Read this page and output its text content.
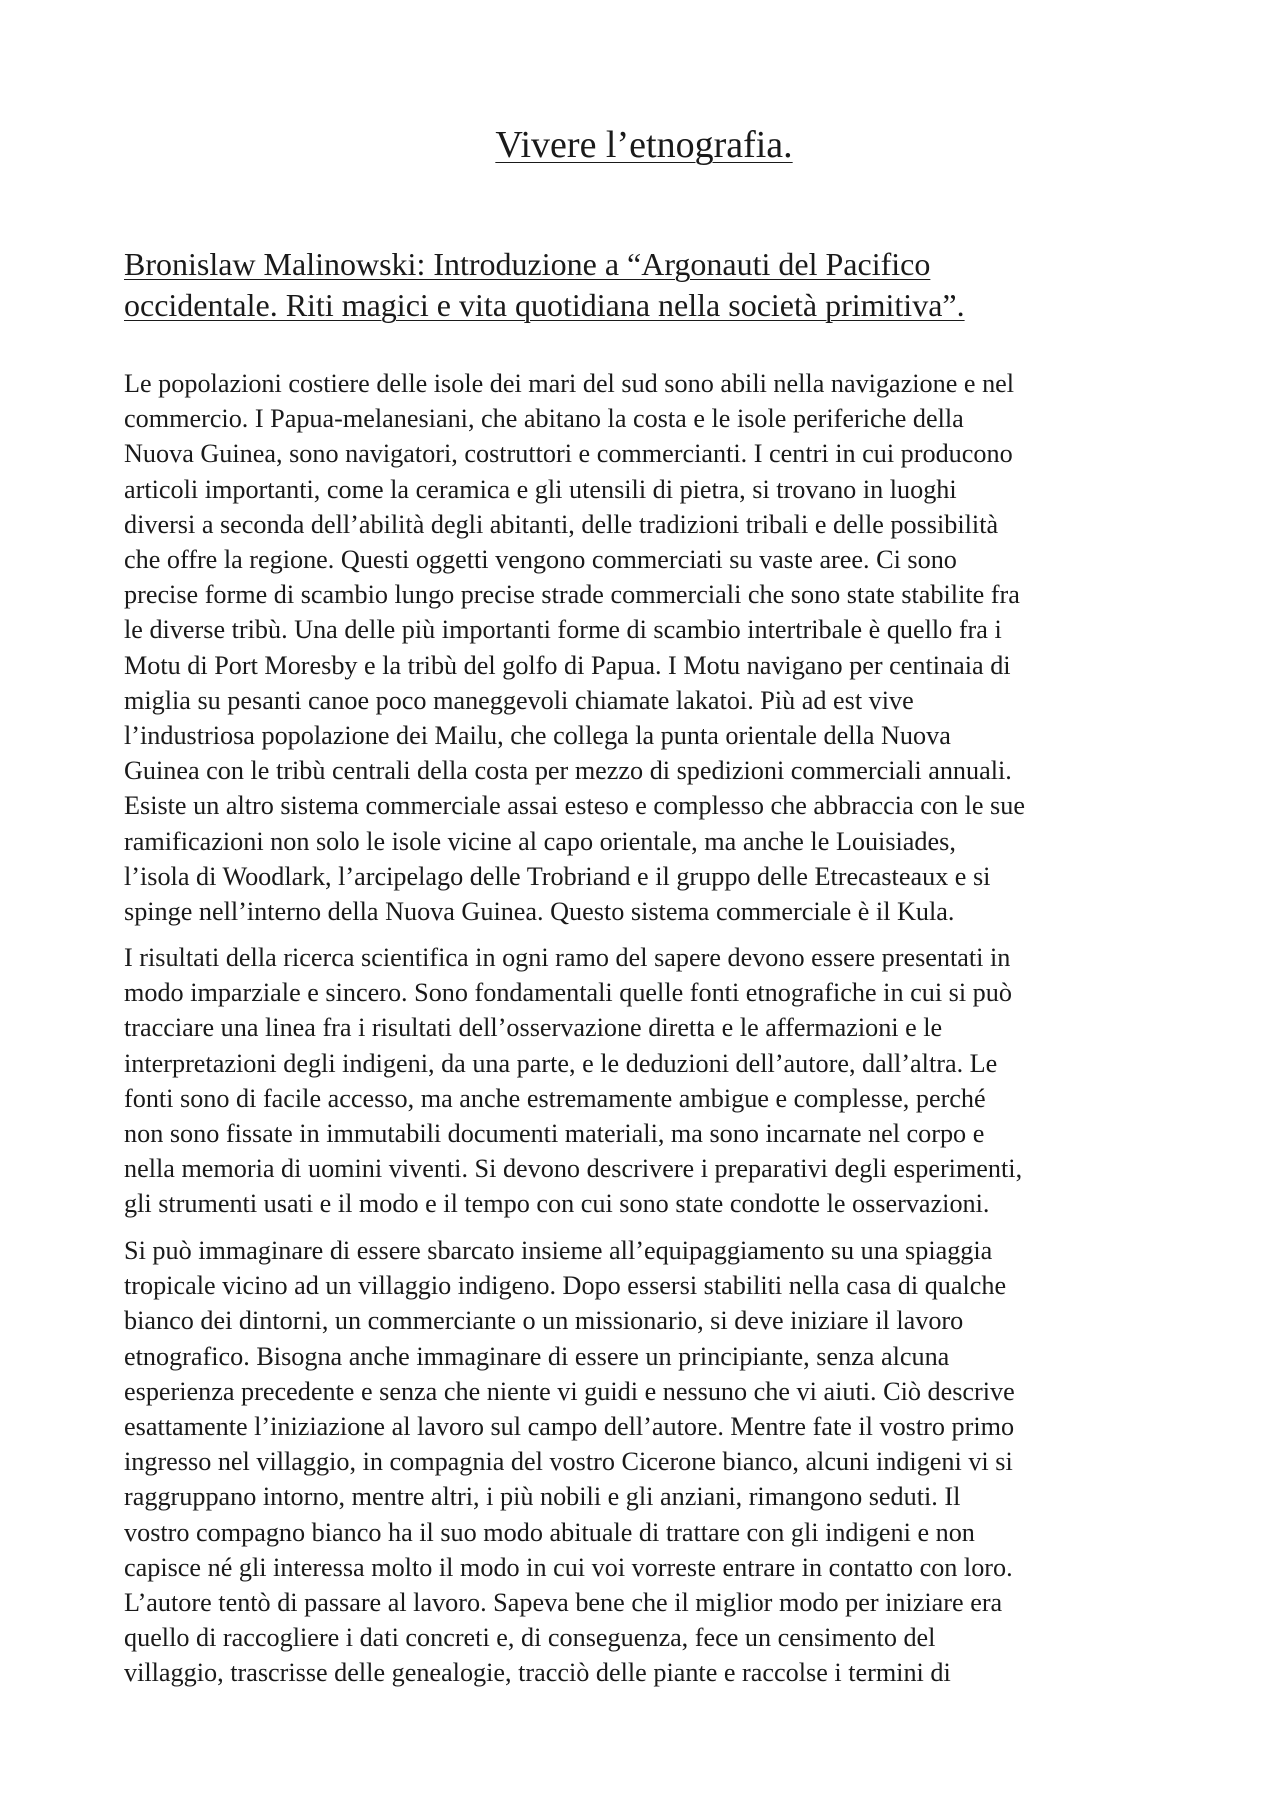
Vivere l’etnografia.
Bronislaw Malinowski: Introduzione a “Argonauti del Pacifico
occidentale. Riti magici e vita quotidiana nella società primitiva”.

Le popolazioni costiere delle isole dei mari del sud sono abili nella navigazione e nel
commercio. I Papua-melanesiani, che abitano la costa e le isole periferiche della
Nuova Guinea, sono navigatori, costruttori e commercianti. I centri in cui producono
articoli importanti, come la ceramica e gli utensili di pietra, si trovano in luoghi
diversi a seconda dell’abilità degli abitanti, delle tradizioni tribali e delle possibilità
che offre la regione. Questi oggetti vengono commerciati su vaste aree. Ci sono
precise forme di scambio lungo precise strade commerciali che sono state stabilite fra
le diverse tribù. Una delle più importanti forme di scambio intertribale è quello fra i
Motu di Port Moresby e la tribù del golfo di Papua. I Motu navigano per centinaia di
miglia su pesanti canoe poco maneggevoli chiamate lakatoi. Più ad est vive
l’industriosa popolazione dei Mailu, che collega la punta orientale della Nuova
Guinea con le tribù centrali della costa per mezzo di spedizioni commerciali annuali.
Esiste un altro sistema commerciale assai esteso e complesso che abbraccia con le sue
ramificazioni non solo le isole vicine al capo orientale, ma anche le Louisiades,
l’isola di Woodlark, l’arcipelago delle Trobriand e il gruppo delle Etrecasteaux e si
spinge nell’interno della Nuova Guinea. Questo sistema commerciale è il Kula.

I risultati della ricerca scientifica in ogni ramo del sapere devono essere presentati in
modo imparziale e sincero. Sono fondamentali quelle fonti etnografiche in cui si può
tracciare una linea fra i risultati dell’osservazione diretta e le affermazioni e le
interpretazioni degli indigeni, da una parte, e le deduzioni dell’autore, dall’altra. Le
fonti sono di facile accesso, ma anche estremamente ambigue e complesse, perché
non sono fissate in immutabili documenti materiali, ma sono incarnate nel corpo e
nella memoria di uomini viventi. Si devono descrivere i preparativi degli esperimenti,
gli strumenti usati e il modo e il tempo con cui sono state condotte le osservazioni.

Si può immaginare di essere sbarcato insieme all’equipaggiamento su una spiaggia
tropicale vicino ad un villaggio indigeno. Dopo essersi stabiliti nella casa di qualche
bianco dei dintorni, un commerciante o un missionario, si deve iniziare il lavoro
etnografico. Bisogna anche immaginare di essere un principiante, senza alcuna
esperienza precedente e senza che niente vi guidi e nessuno che vi aiuti. Ciò descrive
esattamente l’iniziazione al lavoro sul campo dell’autore. Mentre fate il vostro primo
ingresso nel villaggio, in compagnia del vostro Cicerone bianco, alcuni indigeni vi si
raggruppano intorno, mentre altri, i più nobili e gli anziani, rimangono seduti. Il
vostro compagno bianco ha il suo modo abituale di trattare con gli indigeni e non
capisce né gli interessa molto il modo in cui voi vorreste entrare in contatto con loro.
L’autore tentò di passare al lavoro. Sapeva bene che il miglior modo per iniziare era
quello di raccogliere i dati concreti e, di conseguenza, fece un censimento del
villaggio, trascrisse delle genealogie, tracciò delle piante e raccolse i termini di
